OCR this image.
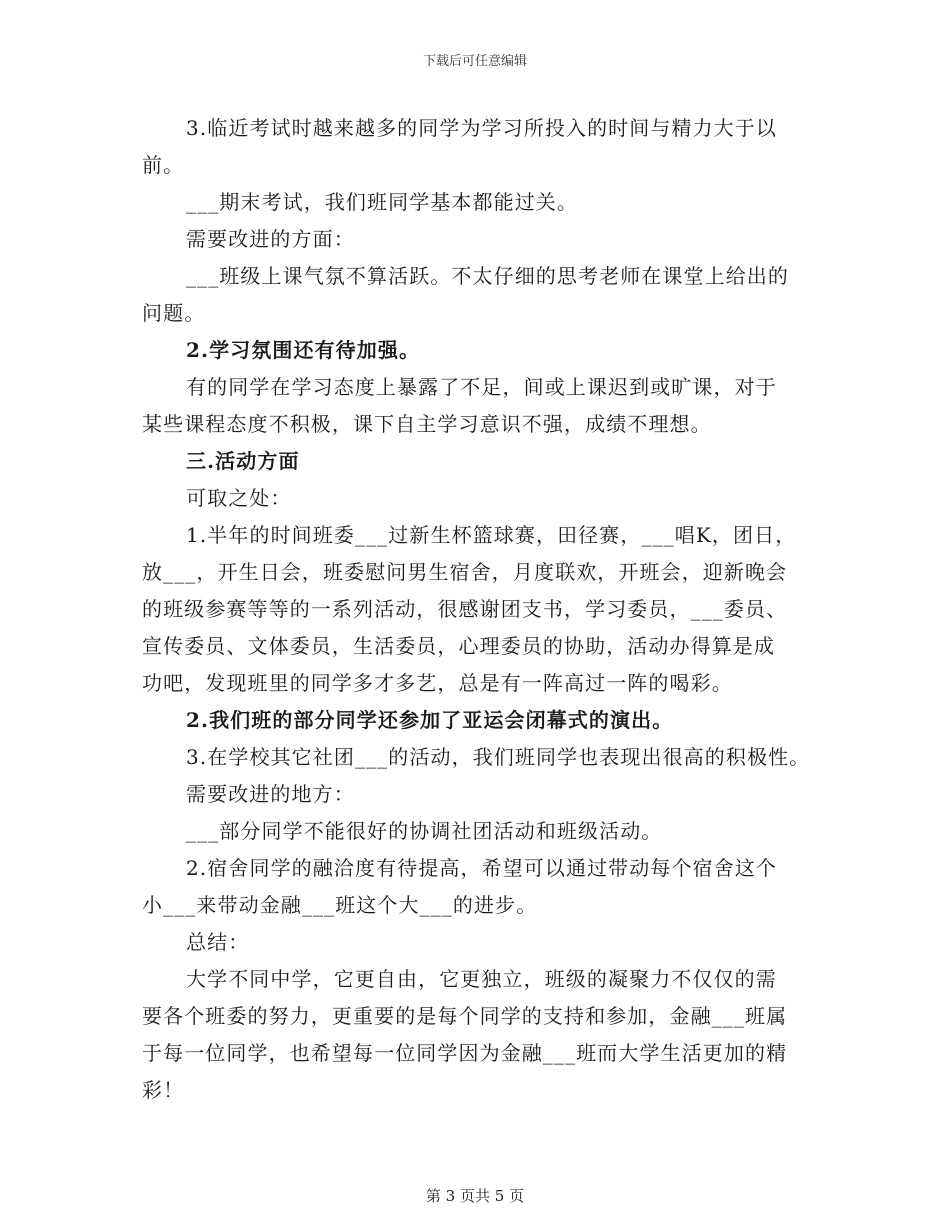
下载后可任意编辑
3.临近考试时越来越多的同学为学习所投入的时间与精力大于以
前。
___期末考试，我们班同学基本都能过关。
需要改进的方面：
___班级上课气氛不算活跃。不太仔细的思考老师在课堂上给出的
问题。
2.学习氛围还有待加强。
有的同学在学习态度上暴露了不足，间或上课迟到或旷课，对于
某些课程态度不积极，课下自主学习意识不强，成绩不理想。
三.活动方面
可取之处：
1.半年的时间班委___过新生杯篮球赛，田径赛，___唱K，团日，
放___，开生日会，班委慰问男生宿舍，月度联欢，开班会，迎新晚会
的班级参赛等等的一系列活动，很感谢团支书，学习委员，___委员、
宣传委员、文体委员，生活委员，心理委员的协助，活动办得算是成
功吧，发现班里的同学多才多艺，总是有一阵高过一阵的喝彩。
2.我们班的部分同学还参加了亚运会闭幕式的演出。
3.在学校其它社团___的活动，我们班同学也表现出很高的积极性。
需要改进的地方：
___部分同学不能很好的协调社团活动和班级活动。
2.宿舍同学的融洽度有待提高，希望可以通过带动每个宿舍这个
小___来带动金融___班这个大___的进步。
总结：
大学不同中学，它更自由，它更独立，班级的凝聚力不仅仅的需
要各个班委的努力，更重要的是每个同学的支持和参加，金融___班属
于每一位同学，也希望每一位同学因为金融___班而大学生活更加的精
彩！
第 3 页共 5 页
